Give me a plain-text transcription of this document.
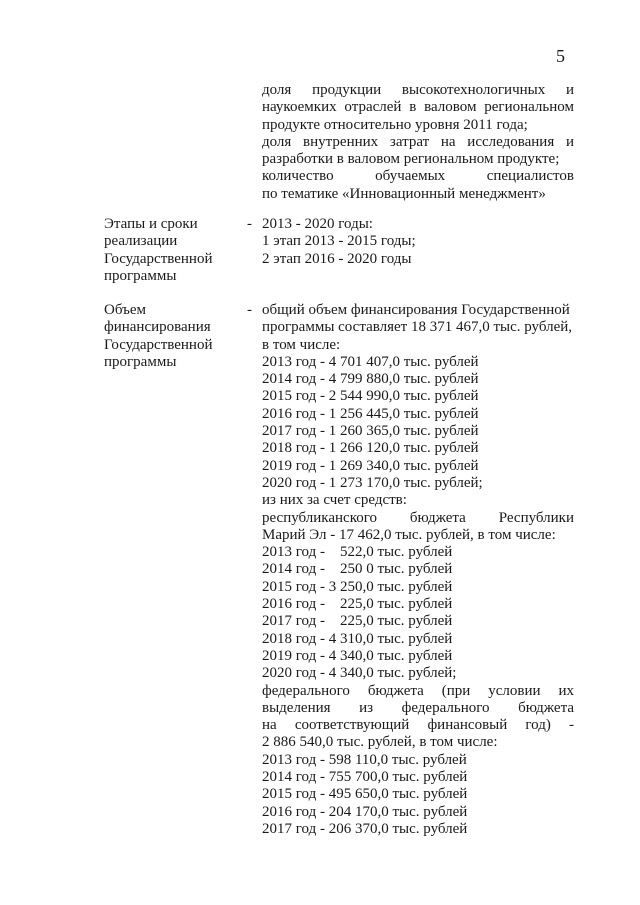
5
доля продукции высокотехнологичных и
наукоемких отраслей в валовом региональном
продукте относительно уровня 2011 года;
доля внутренних затрат на исследования и
разработки в валовом региональном продукте;
количество обучаемых специалистов
по тематике «Инновационный менеджмент»
Этапы и сроки
реализации
Государственной
программы
- 2013 - 2020 годы:
1 этап 2013 - 2015 годы;
2 этап 2016 - 2020 годы
Объем
финансирования
Государственной
программы
- общий объем финансирования Государственной
программы составляет 18 371 467,0 тыс. рублей,
в том числе:
2013 год - 4 701 407,0 тыс. рублей
2014 год - 4 799 880,0 тыс. рублей
2015 год - 2 544 990,0 тыс. рублей
2016 год - 1 256 445,0 тыс. рублей
2017 год - 1 260 365,0 тыс. рублей
2018 год - 1 266 120,0 тыс. рублей
2019 год - 1 269 340,0 тыс. рублей
2020 год - 1 273 170,0 тыс. рублей;
из них за счет средств:
республиканского бюджета Республики
Марий Эл - 17 462,0 тыс. рублей, в том числе:
2013 год -    522,0 тыс. рублей
2014 год -    250 0 тыс. рублей
2015 год - 3 250,0 тыс. рублей
2016 год -    225,0 тыс. рублей
2017 год -    225,0 тыс. рублей
2018 год - 4 310,0 тыс. рублей
2019 год - 4 340,0 тыс. рублей
2020 год - 4 340,0 тыс. рублей;
федерального бюджета (при условии их
выделения из федерального бюджета
на соответствующий финансовый год) -
2 886 540,0 тыс. рублей, в том числе:
2013 год - 598 110,0 тыс. рублей
2014 год - 755 700,0 тыс. рублей
2015 год - 495 650,0 тыс. рублей
2016 год - 204 170,0 тыс. рублей
2017 год - 206 370,0 тыс. рублей
